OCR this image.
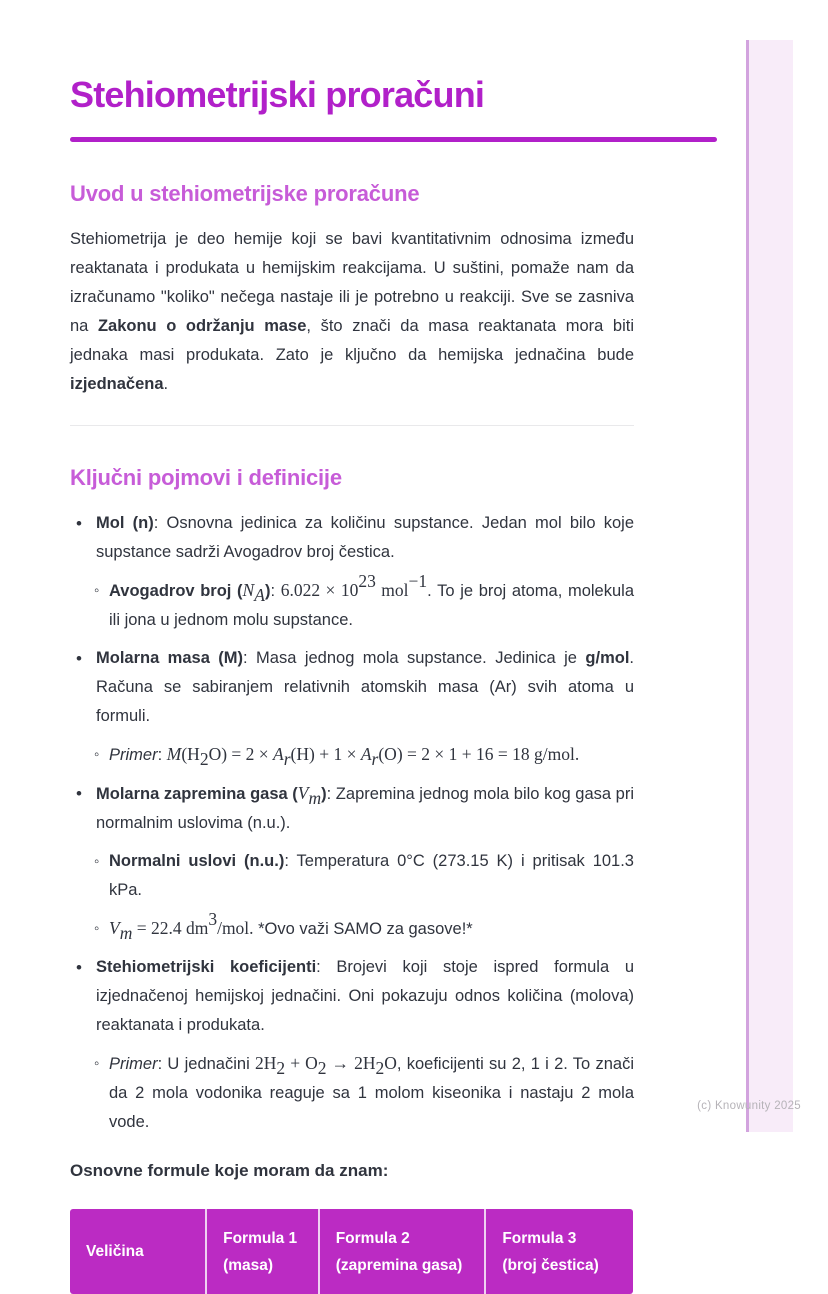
Stehiometrijski proračuni
Uvod u stehiometrijske proračune

Stehiometrija je deo hemije koji se bavi kvantitativnim odnosima između reaktanata i produkata u hemijskim reakcijama. U suštini, pomaže nam da izračunamo "koliko" nečega nastaje ili je potrebno u reakciji. Sve se zasniva na Zakonu o održanju mase, što znači da masa reaktanata mora biti jednaka masi produkata. Zato je ključno da hemijska jednačina bude izjednačena.

Ključni pojmovi i definicije
• Mol (n): Osnovna jedinica za količinu supstance. Jedan mol bilo koje supstance sadrži Avogadrov broj čestica.
◦ Avogadrov broj $(N_A)$: $6.022 \times 10^{23}$ mol$^{-1}$. To je broj atoma, molekula ili jona u jednom molu supstance.
• Molarna masa (M): Masa jednog mola supstance. Jedinica je g/mol. Računa se sabiranjem relativnih atomskih masa (Ar) svih atoma u formuli.
◦ Primer: $M(H_2O) = 2 \times A_r(H) + 1 \times A_r(O) = 2 \times 1 + 16 = 18$ g/mol.
• Molarna zapremina gasa $(V_m)$: Zapremina jednog mola bilo kog gasa pri normalnim uslovima (n.u.).
◦ Normalni uslovi (n.u.): Temperatura 0°C (273.15 K) i pritisak 101.3 kPa.
◦ $V_m = 22.4$ $dm^3$/mol. *Ovo važi SAMO za gasove!*
• Stehiometrijski koeficijenti: Brojevi koji stoje ispred formula u izjednačenoj hemijskoj jednačini. Oni pokazuju odnos količina (molova) reaktanata i produkata.
◦ Primer: U jednačini $2H_2 + O_2 \to 2H_2O$, koeficijenti su 2, 1 i 2. To znači da 2 mola vodonika reaguje sa 1 molom kiseonika i nastaju 2 mola vode.

Osnovne formule koje moram da znam:

Veličina
Formula 1
(masa)
Formula 2
(zapremina gasa)
Formula 3
(broj čestica)
(c) Knowunity 2025
